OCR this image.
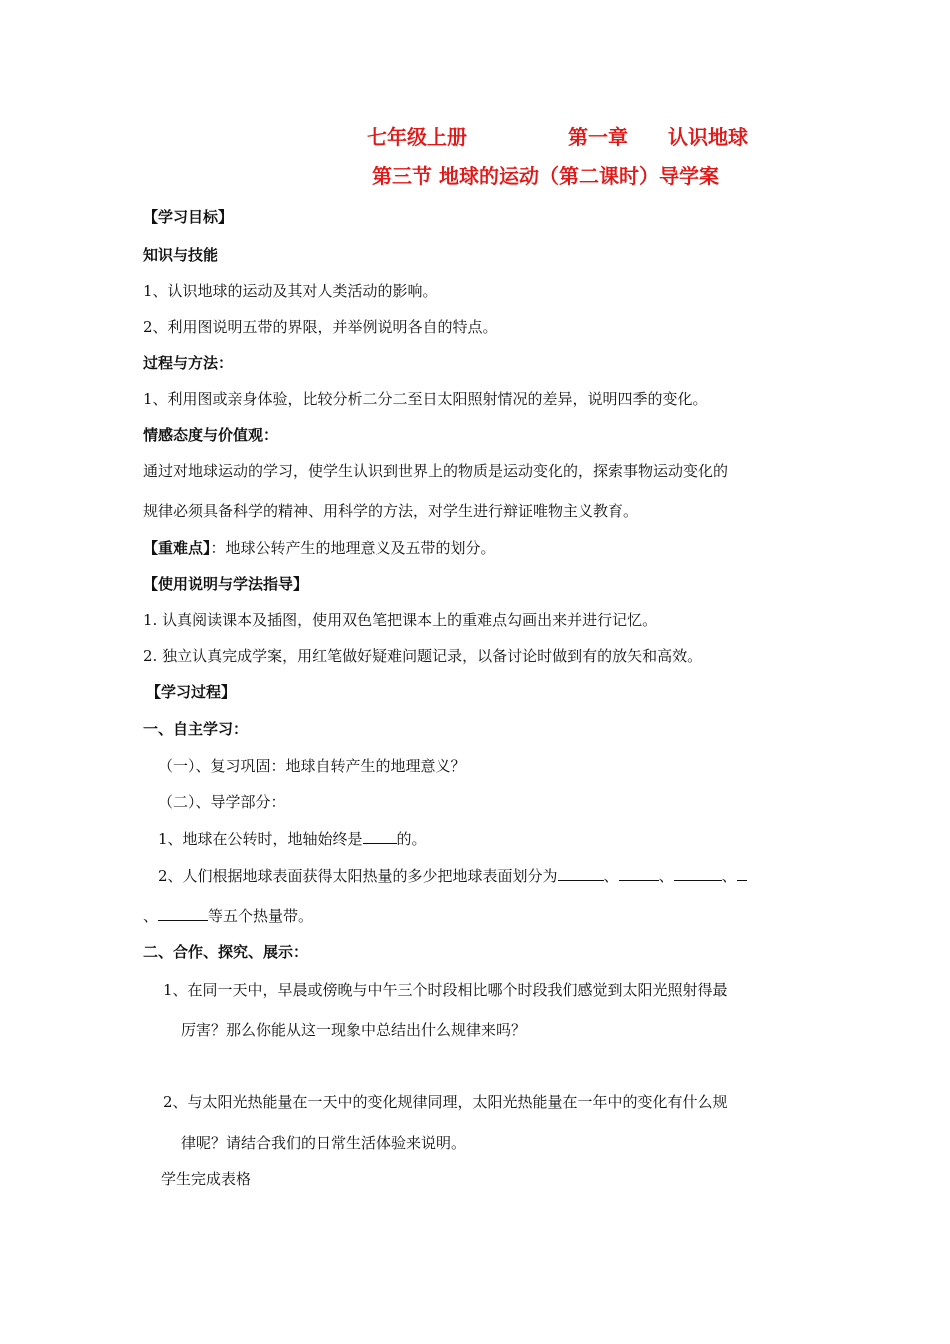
七年级上册	第一章 认识地球
第三节 地球的运动（第二课时）导学案
【学习目标】
知识与技能
1、认识地球的运动及其对人类活动的影响。
2、利用图说明五带的界限，并举例说明各自的特点。
过程与方法：
1、利用图或亲身体验，比较分析二分二至日太阳照射情况的差异，说明四季的变化。
情感态度与价值观：
通过对地球运动的学习，使学生认识到世界上的物质是运动变化的，探索事物运动变化的
规律必须具备科学的精神、用科学的方法，对学生进行辩证唯物主义教育。
【重难点】：地球公转产生的地理意义及五带的划分。
【使用说明与学法指导】
1. 认真阅读课本及插图，使用双色笔把课本上的重难点勾画出来并进行记忆。
2. 独立认真完成学案，用红笔做好疑难问题记录，以备讨论时做到有的放矢和高效。
【学习过程】
一、自主学习：
（一）、复习巩固：地球自转产生的地理意义？
（二）、导学部分：
1、地球在公转时，地轴始终是 的。
2、人们根据地球表面获得太阳热量的多少把地球表面划分为	、	、	、
、	等五个热量带。
二、合作、探究、展示：
1、在同一天中，早晨或傍晚与中午三个时段相比哪个时段我们感觉到太阳光照射得最
厉害？那么你能从这一现象中总结出什么规律来吗？
2、与太阳光热能量在一天中的变化规律同理，太阳光热能量在一年中的变化有什么规
律呢？请结合我们的日常生活体验来说明。
学生完成表格
